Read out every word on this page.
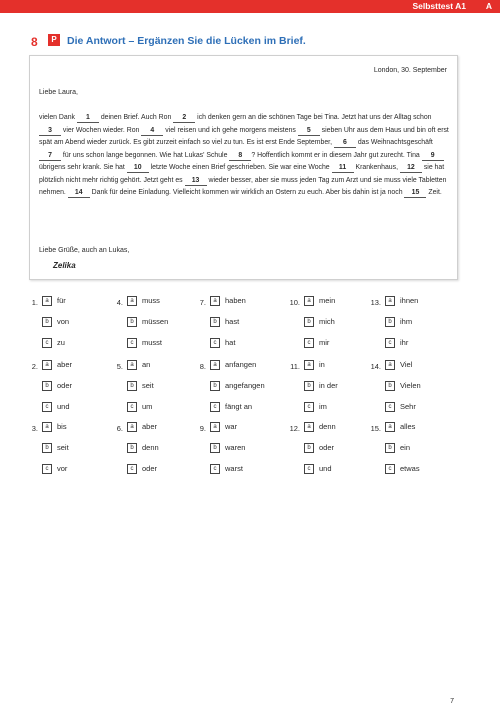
Selbsttest A1 A
8	P Die Antwort – Ergänzen Sie die Lücken im Brief.
London, 30. September
Liebe Laura,
vielen Dank 1 deinen Brief. Auch Ron 2 ich denken gern an die schönen Tage bei Tina. Jetzt hat uns der Alltag schon 3 vier Wochen wieder. Ron 4 viel reisen und ich gehe morgens meistens 5 sieben Uhr aus dem Haus und bin oft erst spät am Abend wieder zurück. Es gibt zurzeit einfach so viel zu tun. Es ist erst Ende September, 6 das Weihnachtsgeschäft 7 für uns schon lange begonnen. Wie hat Lukas' Schule 8 ? Hoffentlich kommt er in diesem Jahr gut zurecht. Tina 9 übrigens sehr krank. Sie hat 10 letzte Woche einen Brief geschrieben. Sie war eine Woche 11 Krankenhaus, 12 sie hat plötzlich nicht mehr richtig gehört. Jetzt geht es 13 wieder besser, aber sie muss jeden Tag zum Arzt und sie muss viele Tabletten nehmen. 14 Dank für deine Einladung. Vielleicht kommen wir wirklich an Ostern zu euch. Aber bis dahin ist ja noch 15 Zeit.
Liebe Grüße, auch an Lukas,
Zelika
1.	a für
b von
c zu
2.	a aber
b oder
c und
3.	a bis
b seit
c vor
4.	a muss
b müssen
c musst
5.	a an
b seit
c um
6.	a aber
b denn
c oder
7.	a haben
b hast
c hat
8.	a anfangen
b angefangen
c fängt an
9.	a war
b waren
c warst
10.	a mein
b mich
c mir
11.	a in
b in der
c im
12.	a denn
b oder
c und
13.	a ihnen
b ihm
c ihr
14.	a Viel
b Vielen
c Sehr
15.	a alles
b ein
c etwas
7
